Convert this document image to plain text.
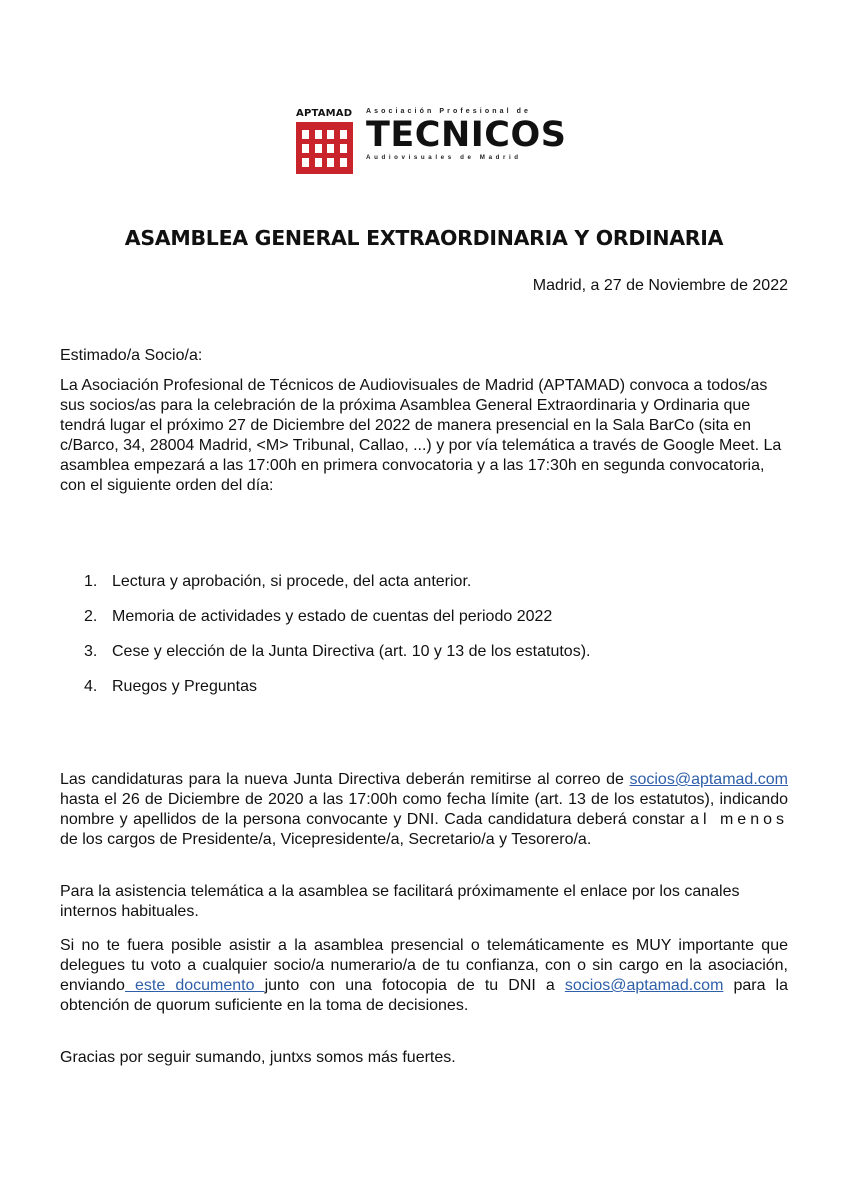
APTAMAD Asociación Profesional de
TECNICOS
Audiovisuales de Madrid
ASAMBLEA GENERAL EXTRAORDINARIA Y ORDINARIA
Madrid, a 27 de Noviembre de 2022
Estimado/a Socio/a:
La Asociación Profesional de Técnicos de Audiovisuales de Madrid (APTAMAD) convoca a todos/as sus socios/as para la celebración de la próxima Asamblea General Extraordinaria y Ordinaria que tendrá lugar el próximo 27 de Diciembre del 2022 de manera presencial en la Sala BarCo (sita en c/Barco, 34, 28004 Madrid, <M> Tribunal, Callao, ...) y por vía telemática a través de Google Meet. La asamblea empezará a las 17:00h en primera convocatoria y a las 17:30h en segunda convocatoria, con el siguiente orden del día:
1. Lectura y aprobación, si procede, del acta anterior.
2. Memoria de actividades y estado de cuentas del periodo 2022
3. Cese y elección de la Junta Directiva (art. 10 y 13 de los estatutos).
4. Ruegos y Preguntas
Las candidaturas para la nueva Junta Directiva deberán remitirse al correo de socios@aptamad.com hasta el 26 de Diciembre de 2020 a las 17:00h como fecha límite (art. 13 de los estatutos), indicando nombre y apellidos de la persona convocante y DNI. Cada candidatura deberá constar al menos de los cargos de Presidente/a, Vicepresidente/a, Secretario/a y Tesorero/a.
Para la asistencia telemática a la asamblea se facilitará próximamente el enlace por los canales internos habituales.
Si no te fuera posible asistir a la asamblea presencial o telemáticamente es MUY importante que delegues tu voto a cualquier socio/a numerario/a de tu confianza, con o sin cargo en la asociación, enviando este documento junto con una fotocopia de tu DNI a socios@aptamad.com para la obtención de quorum suficiente en la toma de decisiones.
Gracias por seguir sumando, juntxs somos más fuertes.
